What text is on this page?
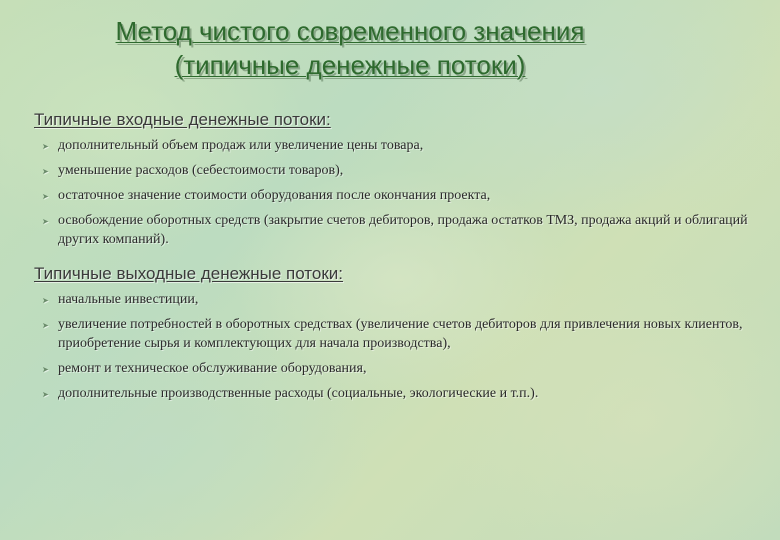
Метод чистого современного значения
(типичные денежные потоки)
Типичные входные денежные потоки:
➤ дополнительный объем продаж или увеличение цены товара,
➤ уменьшение расходов (себестоимости товаров),
➤ остаточное значение стоимости оборудования после окончания проекта,
➤ освобождение оборотных средств (закрытие счетов дебиторов, продажа остатков ТМЗ, продажа акций и облигаций других компаний).
Типичные выходные денежные потоки:
➤ начальные инвестиции,
➤ увеличение потребностей в оборотных средствах (увеличение счетов дебиторов для привлечения новых клиентов, приобретение сырья и комплектующих для начала производства),
➤ ремонт и техническое обслуживание оборудования,
➤ дополнительные производственные расходы (социальные, экологические и т.п.).
